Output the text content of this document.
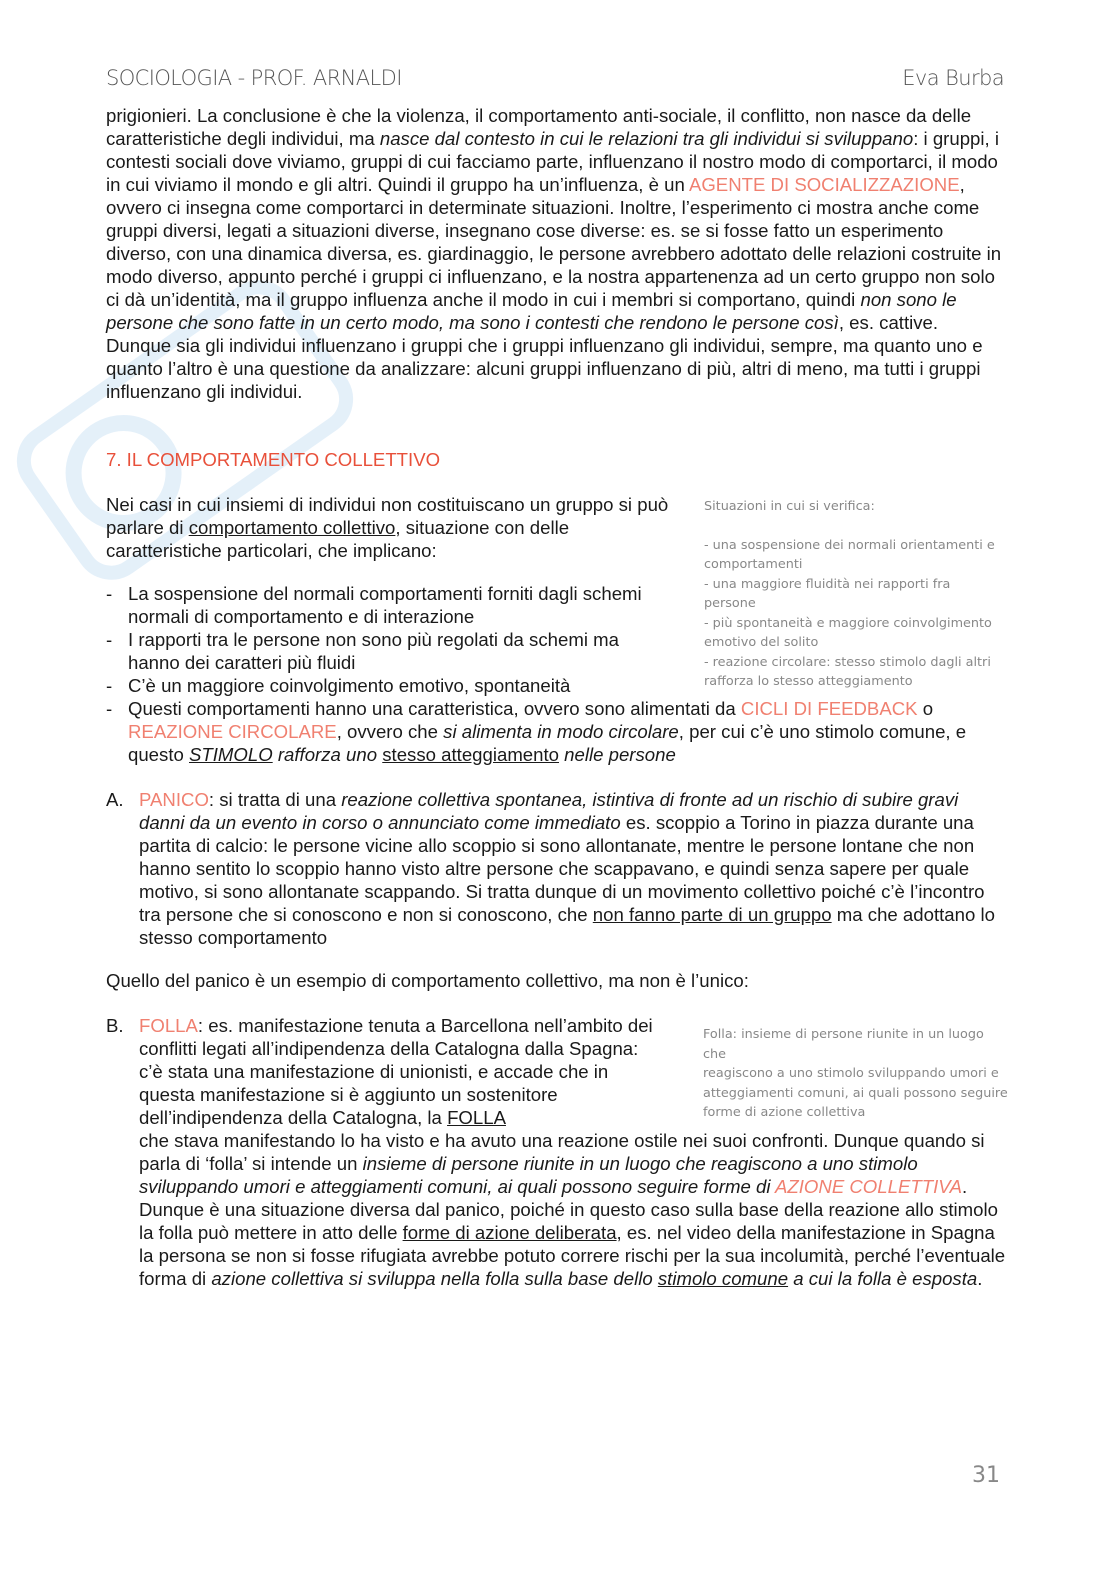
SOCIOLOGIA - PROF. ARNALDI	Eva Burba
prigionieri. La conclusione è che la violenza, il comportamento anti-sociale, il conflitto, non nasce da delle caratteristiche degli individui, ma nasce dal contesto in cui le relazioni tra gli individui si sviluppano: i gruppi, i contesti sociali dove viviamo, gruppi di cui facciamo parte, influenzano il nostro modo di comportarci, il modo in cui viviamo il mondo e gli altri. Quindi il gruppo ha un’influenza, è un AGENTE DI SOCIALIZZAZIONE, ovvero ci insegna come comportarci in determinate situazioni. Inoltre, l’esperimento ci mostra anche come gruppi diversi, legati a situazioni diverse, insegnano cose diverse: es. se si fosse fatto un esperimento diverso, con una dinamica diversa, es. giardinaggio, le persone avrebbero adottato delle relazioni costruite in modo diverso, appunto perché i gruppi ci influenzano, e la nostra appartenenza ad un certo gruppo non solo ci dà un’identità, ma il gruppo influenza anche il modo in cui i membri si comportano, quindi non sono le persone che sono fatte in un certo modo, ma sono i contesti che rendono le persone così, es. cattive. Dunque sia gli individui influenzano i gruppi che i gruppi influenzano gli individui, sempre, ma quanto uno e quanto l’altro è una questione da analizzare: alcuni gruppi influenzano di più, altri di meno, ma tutti i gruppi influenzano gli individui.
7. IL COMPORTAMENTO COLLETTIVO
Nei casi in cui insiemi di individui non costituiscano un gruppo si può parlare di comportamento collettivo, situazione con delle caratteristiche particolari, che implicano:
Situazioni in cui si verifica:
- una sospensione dei normali orientamenti e comportamenti
- una maggiore fluidità nei rapporti fra persone
- più spontaneità e maggiore coinvolgimento emotivo del solito
- reazione circolare: stesso stimolo dagli altri rafforza lo stesso atteggiamento
- La sospensione del normali comportamenti forniti dagli schemi normali di comportamento e di interazione
- I rapporti tra le persone non sono più regolati da schemi ma hanno dei caratteri più fluidi
- C’è un maggiore coinvolgimento emotivo, spontaneità
- Questi comportamenti hanno una caratteristica, ovvero sono alimentati da CICLI DI FEEDBACK o REAZIONE CIRCOLARE, ovvero che si alimenta in modo circolare, per cui c’è uno stimolo comune, e questo STIMOLO rafforza uno stesso atteggiamento nelle persone
A. PANICO: si tratta di una reazione collettiva spontanea, istintiva di fronte ad un rischio di subire gravi danni da un evento in corso o annunciato come immediato es. scoppio a Torino in piazza durante una partita di calcio: le persone vicine allo scoppio si sono allontanate, mentre le persone lontane che non hanno sentito lo scoppio hanno visto altre persone che scappavano, e quindi senza sapere per quale motivo, si sono allontanate scappando. Si tratta dunque di un movimento collettivo poiché c’è l’incontro tra persone che si conoscono e non si conoscono, che non fanno parte di un gruppo ma che adottano lo stesso comportamento
Quello del panico è un esempio di comportamento collettivo, ma non è l’unico:
Folla: insieme di persone riunite in un luogo che
reagiscono a uno stimolo sviluppando umori e
atteggiamenti comuni, ai quali possono seguire
forme di azione collettiva
B. FOLLA: es. manifestazione tenuta a Barcellona nell’ambito dei conflitti legati all’indipendenza della Catalogna dalla Spagna: c’è stata una manifestazione di unionisti, e accade che in questa manifestazione si è aggiunto un sostenitore dell’indipendenza della Catalogna, la FOLLA
che stava manifestando lo ha visto e ha avuto una reazione ostile nei suoi confronti. Dunque quando si parla di ‘folla’ si intende un insieme di persone riunite in un luogo che reagiscono a uno stimolo sviluppando umori e atteggiamenti comuni, ai quali possono seguire forme di AZIONE COLLETTIVA. Dunque è una situazione diversa dal panico, poiché in questo caso sulla base della reazione allo stimolo la folla può mettere in atto delle forme di azione deliberata, es. nel video della manifestazione in Spagna la persona se non si fosse rifugiata avrebbe potuto correre rischi per la sua incolumità, perché l’eventuale forma di azione collettiva si sviluppa nella folla sulla base dello stimolo comune a cui la folla è esposta.
31
